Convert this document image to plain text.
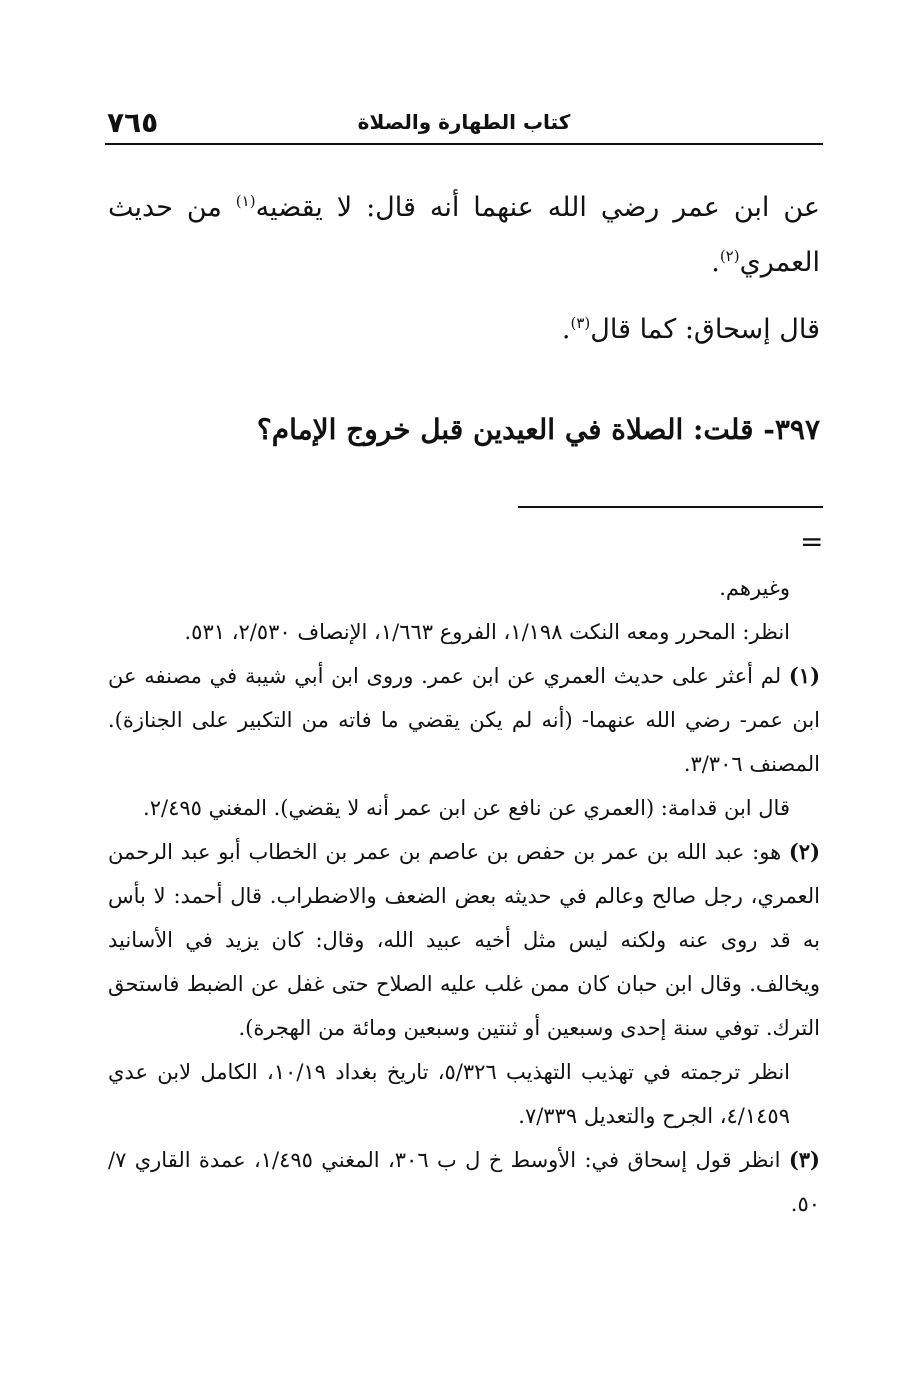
٧٦٥	كتاب الطهارة والصلاة
عن ابن عمر رضي الله عنهما أنه قال: لا يقضيه$^{(١)}$ من حديث العمري$^{(٢)}$.
قال إسحاق: كما قال$^{(٣)}$.
٣٩٧- قلت: الصلاة في العيدين قبل خروج الإمام؟
=
وغيرهم.
انظر: المحرر ومعه النكت ١/١٩٨، الفروع ١/٦٦٣، الإنصاف ٢/٥٣٠، ٥٣١.
(١) لم أعثر على حديث العمري عن ابن عمر. وروى ابن أبي شيبة في مصنفه عن ابن عمر- رضي الله عنهما- (أنه لم يكن يقضي ما فاته من التكبير على الجنازة). المصنف ٣/٣٠٦.
قال ابن قدامة: (العمري عن نافع عن ابن عمر أنه لا يقضي). المغني ٢/٤٩٥.
(٢) هو: عبد الله بن عمر بن حفص بن عاصم بن عمر بن الخطاب أبو عبد الرحمن العمري، رجل صالح وعالم في حديثه بعض الضعف والاضطراب. قال أحمد: لا بأس به قد روى عنه ولكنه ليس مثل أخيه عبيد الله، وقال: كان يزيد في الأسانيد ويخالف. وقال ابن حبان كان ممن غلب عليه الصلاح حتى غفل عن الضبط فاستحق الترك. توفي سنة إحدى وسبعين أو ثنتين وسبعين ومائة من الهجرة).
انظر ترجمته في تهذيب التهذيب ٥/٣٢٦، تاريخ بغداد ١٠/١٩، الكامل لابن عدي ٤/١٤٥٩، الجرح والتعديل ٧/٣٣٩.
(٣) انظر قول إسحاق في: الأوسط خ ل ب ٣٠٦، المغني ١/٤٩٥، عمدة القاري ٧/ ٥٠.
